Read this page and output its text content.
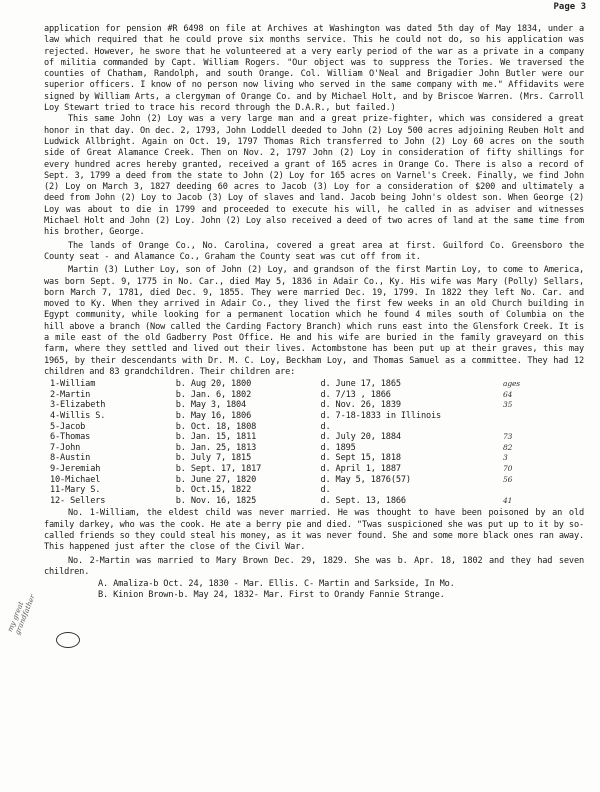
Page 3

application for pension #R 6498 on file at Archives at Washington was dated 5th day of May 1834, under a law which required that he could prove six months service. This he could not do, so his application was rejected. However, he swore that he volunteered at a very early period of the war as a private in a company of militia commanded by Capt. William Rogers. "Our object was to suppress the Tories. We traversed the counties of Chatham, Randolph, and south Orange. Col. William O'Neal and Brigadier John Butler were our superior officers. I know of no person now living who served in the same company with me." Affidavits were signed by William Arts, a clergyman of Orange Co. and by Michael Holt, and by Briscoe Warren. (Mrs. Carroll Loy Stewart tried to trace his record through the D.A.R., but failed.)

This same John (2) Loy was a very large man and a great prize-fighter, which was considered a great honor in that day. On dec. 2, 1793, John Loddell deeded to John (2) Loy 500 acres adjoining Reuben Holt and Ludwick Allbright. Again on Oct. 19, 1797 Thomas Rich transferred to John (2) Loy 60 acres on the south side of Great Alamance Creek. Then on Nov. 2, 1797 John (2) Loy in consideration of fifty shillings for every hundred acres hereby granted, received a grant of 165 acres in Orange Co. There is also a record of Sept. 3, 1799 a deed from the state to John (2) Loy for 165 acres on Varnel's Creek. Finally, we find John (2) Loy on March 3, 1827 deeding 60 acres to Jacob (3) Loy for a consideration of $200 and ultimately a deed from John (2) Loy to Jacob (3) Loy of slaves and land. Jacob being John's oldest son. When George (2) Loy was about to die in 1799 and proceeded to execute his will, he called in as adviser and witnesses Michael Holt and John (2) Loy. John (2) Loy also received a deed of two acres of land at the same time from his brother, George.

The lands of Orange Co., No. Carolina, covered a great area at first. Guilford Co. Greensboro the County seat - and Alamance Co., Graham the County seat was cut off from it.

Martin (3) Luther Loy, son of John (2) Loy, and grandson of the first Martin Loy, to come to America, was born Sept. 9, 1775 in No. Car., died May 5, 1836 in Adair Co., Ky. His wife was Mary (Polly) Sellars, born March 7, 1781, died Dec. 9, 1855. They were married Dec. 19, 1799. In 1822 they left No. Car. and moved to Ky. When they arrived in Adair Co., they lived the first few weeks in an old Church building in Egypt community, while looking for a permanent location which he found 4 miles south of Columbia on the hill above a branch (Now called the Carding Factory Branch) which runs east into the Glensfork Creek. It is a mile east of the old Gadberry Post Office. He and his wife are buried in the family graveyard on this farm, where they settled and lived out their lives. Actombstone has been put up at their graves, this may 1965, by their descendants with Dr. M. C. Loy, Beckham Loy, and Thomas Samuel as a committee. They had 12 children and 83 grandchildren. Their children are:

1-William	b. Aug 20, 1800	d. June 17, 1865	ages
2-Martin	b. Jan. 6, 1802	d. 7/13 , 1866	64
3-Elizabeth	b. May 3, 1804	d. Nov. 26, 1839	35
4-Willis S.	b. May 16, 1806	d. 7-18-1833 in Illinois	
5-Jacob	b. Oct. 18, 1808	d.	
6-Thomas	b. Jan. 15, 1811	d. July 20, 1884	73
7-John	b. Jan. 25, 1813	d. 1895	82
8-Austin	b. July 7, 1815	d. Sept 15, 1818	3
9-Jeremiah	b. Sept. 17, 1817	d. April 1, 1887	70
10-Michael	b. June 27, 1820	d. May 5, 1876(57)	56
11-Mary S.	b. Oct.15, 1822	d.	
12- Sellers	b. Nov. 16, 1825	d. Sept. 13, 1866	41

No. 1-William, the eldest child was never married. He was thought to have been poisoned by an old family darkey, who was the cook. He ate a berry pie and died. "Twas suspicioned she was put up to it by so-called friends so they could steal his money, as it was never found. She and some more black ones ran away. This happened just after the close of the Civil War.

No. 2-Martin was married to Mary Brown Dec. 29, 1829. She was b. Apr. 18, 1802 and they had seven children.

A. Amaliza-b Oct. 24, 1830 - Mar. Ellis. C- Martin and Sarkside, In Mo.

B. Kinion Brown-b. May 24, 1832- Mar. First to Orandy Fannie Strange.

my great grandfather
